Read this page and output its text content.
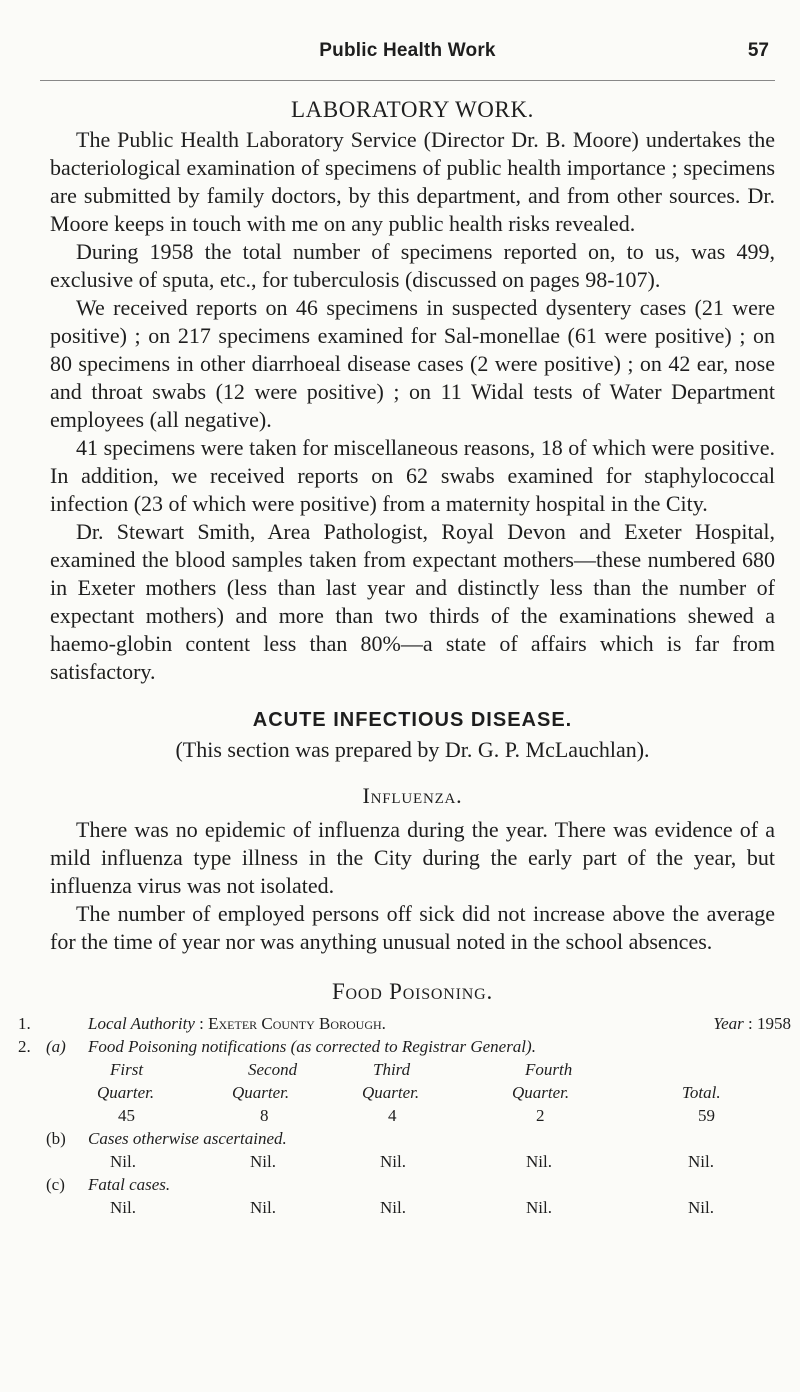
Public Health Work	57
LABORATORY WORK.

The Public Health Laboratory Service (Director Dr. B. Moore) undertakes the bacteriological examination of specimens of public health importance ; specimens are submitted by family doctors, by this department, and from other sources. Dr. Moore keeps in touch with me on any public health risks revealed.

During 1958 the total number of specimens reported on, to us, was 499, exclusive of sputa, etc., for tuberculosis (discussed on pages 98-107).

We received reports on 46 specimens in suspected dysentery cases (21 were positive) ; on 217 specimens examined for Sal-monellae (61 were positive) ; on 80 specimens in other diarrhoeal disease cases (2 were positive) ; on 42 ear, nose and throat swabs (12 were positive) ; on 11 Widal tests of Water Department employees (all negative).

41 specimens were taken for miscellaneous reasons, 18 of which were positive. In addition, we received reports on 62 swabs examined for staphylococcal infection (23 of which were positive) from a maternity hospital in the City.

Dr. Stewart Smith, Area Pathologist, Royal Devon and Exeter Hospital, examined the blood samples taken from expectant mothers—these numbered 680 in Exeter mothers (less than last year and distinctly less than the number of expectant mothers) and more than two thirds of the examinations shewed a haemo-globin content less than 80%—a state of affairs which is far from satisfactory.

ACUTE INFECTIOUS DISEASE.
(This section was prepared by Dr. G. P. McLauchlan).
Influenza.

There was no epidemic of influenza during the year. There was evidence of a mild influenza type illness in the City during the early part of the year, but influenza virus was not isolated.

The number of employed persons off sick did not increase above the average for the time of year nor was anything unusual noted in the school absences.

Food Poisoning.
1.	Local Authority : Exeter County Borough.	Year : 1958
2. (a) Food Poisoning notifications (as corrected to Registrar General).
First	Second	Third	Fourth
Quarter.	Quarter.	Quarter.	Quarter.	Total.
45	8	4	2	59
(b) Cases otherwise ascertained.
Nil.	Nil.	Nil.	Nil.	Nil.
(c) Fatal cases.
Nil.	Nil.	Nil.	Nil.	Nil.
